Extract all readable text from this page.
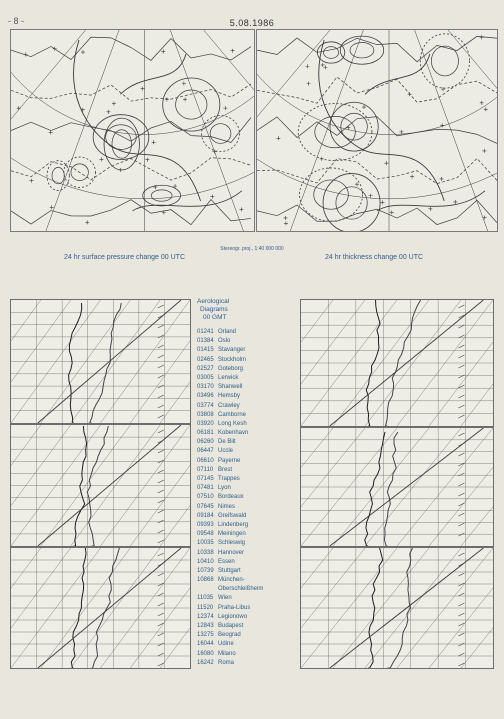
- 8 -	5.08.1986
24 hr surface pressure change 00 UTC
Stereogr. proj., 1:40 000 000
24 hr thickness change 00 UTC
Aerological
Diagrams
00 GMT
01241 Orland
01384 Oslo
01415 Stavanger
02465 Stockholm
02527 Goteborg
03005 Lerwick
03170 Shanwell
03496 Hemsby
03774 Crawley
03808 Camborne
03920 Long Kesh
06181 Kobenhavn
06260 De Bilt
06447 Uccle
06610 Payerne
07110 Brest
07145 Trappes
07481 Lyon
07510 Bordeaux
07645 Nimes
09184 Greifswald
09393 Lindenberg
09548 Meiningen
10035 Schleswig
10338 Hannover
10410 Essen
10739 Stuttgart
10868 München-
Oberschleißheim
11035 Wien
11520 Praha-Libus
12374 Legionowo
12843 Budapest
13275 Beograd
16044 Udine
16080 Milano
16242 Roma
